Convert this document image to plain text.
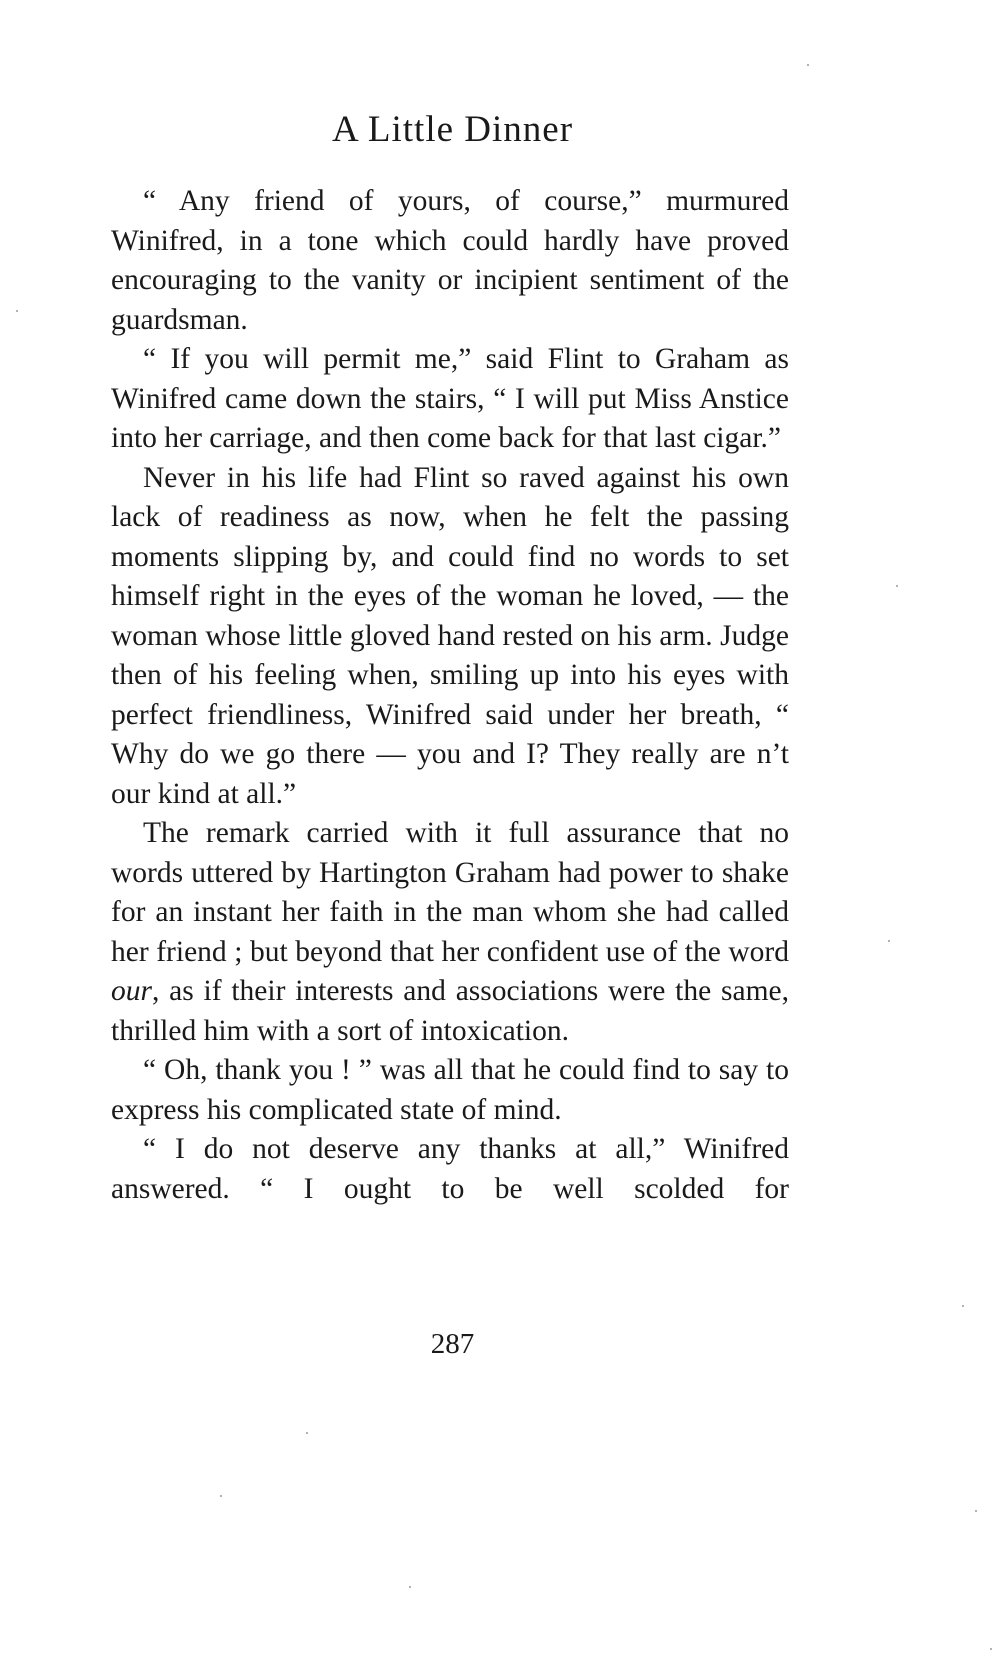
A Little Dinner

“ Any friend of yours, of course,” murmured Winifred, in a tone which could hardly have proved encouraging to the vanity or incipient sentiment of the guardsman.

“ If you will permit me,” said Flint to Graham as Winifred came down the stairs, “ I will put Miss Anstice into her carriage, and then come back for that last cigar.”

Never in his life had Flint so raved against his own lack of readiness as now, when he felt the passing moments slipping by, and could find no words to set himself right in the eyes of the woman he loved, — the woman whose little gloved hand rested on his arm. Judge then of his feeling when, smiling up into his eyes with perfect friendliness, Winifred said under her breath, “ Why do we go there — you and I? They really are n’t our kind at all.”

The remark carried with it full assurance that no words uttered by Hartington Graham had power to shake for an instant her faith in the man whom she had called her friend ; but beyond that her confident use of the word our, as if their interests and associations were the same, thrilled him with a sort of intoxication.

“ Oh, thank you ! ” was all that he could find to say to express his complicated state of mind.

“ I do not deserve any thanks at all,” Winifred answered. “ I ought to be well scolded for

287
